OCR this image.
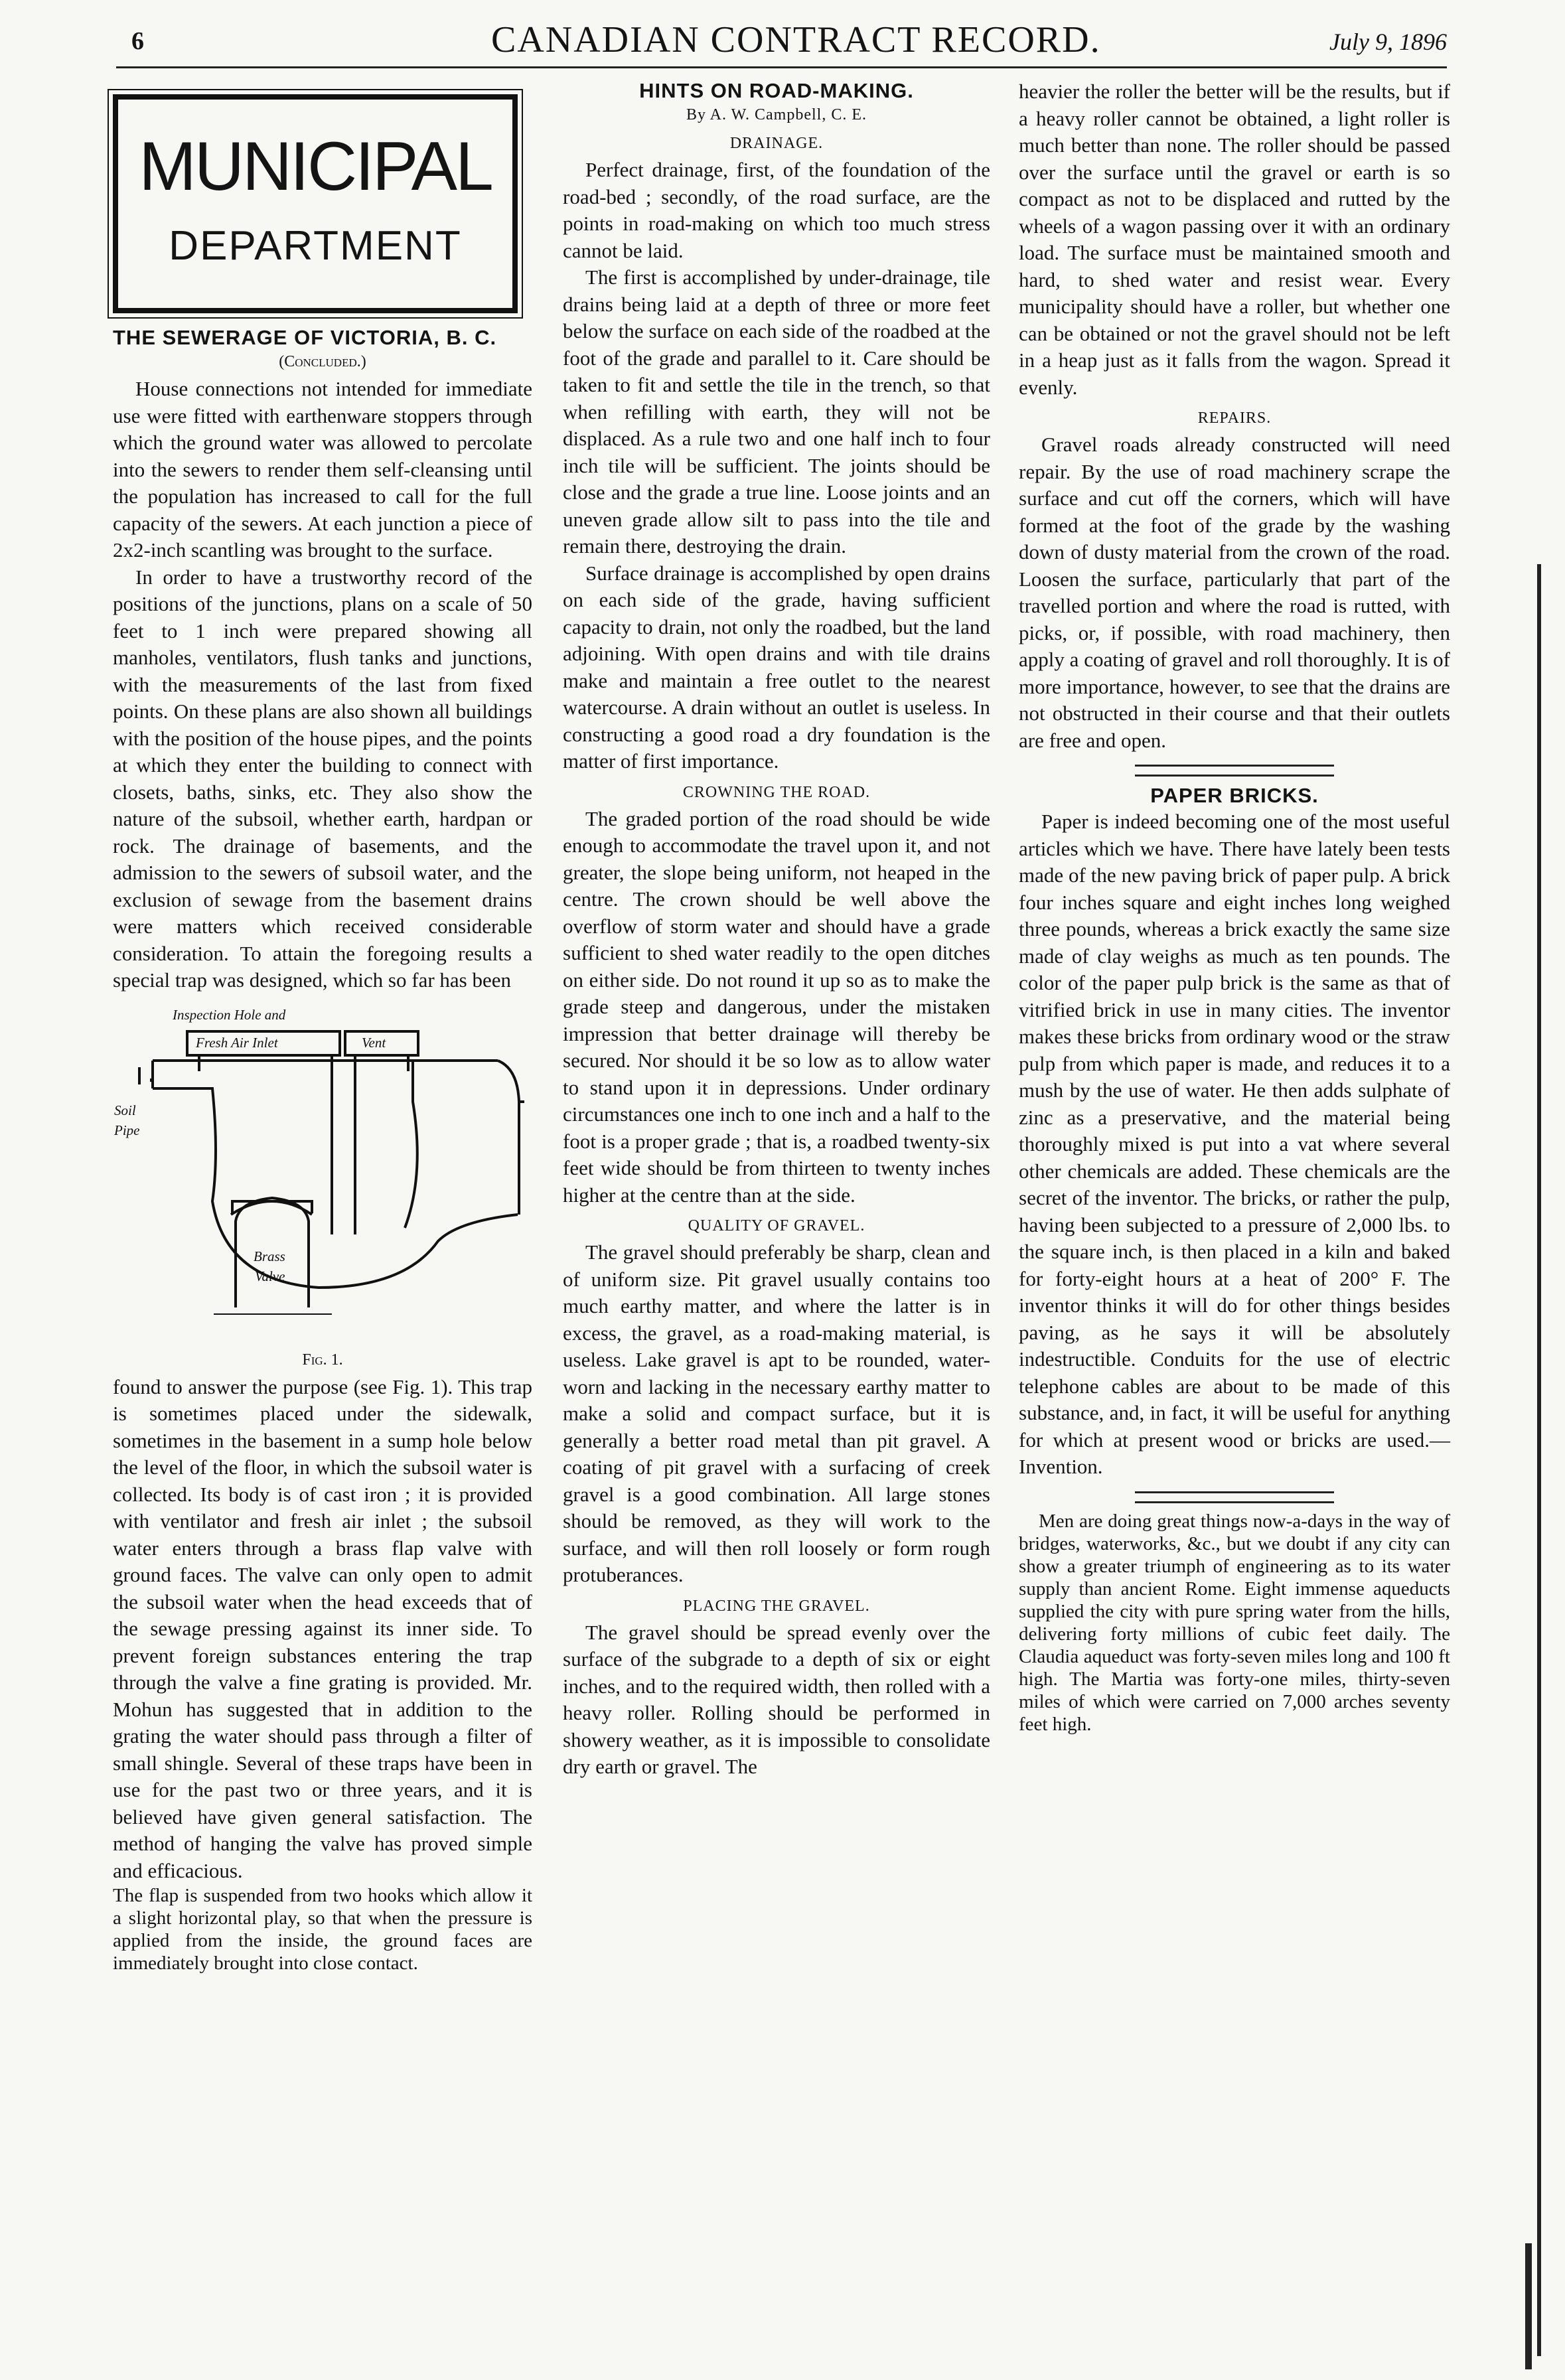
6	CANADIAN CONTRACT RECORD.	July 9, 1896
MUNICIPAL
DEPARTMENT
THE SEWERAGE OF VICTORIA, B. C.
(Concluded.)

House connections not intended for immediate use were fitted with earthenware stoppers through which the ground water was allowed to percolate into the sewers to render them self-cleansing until the population has increased to call for the full capacity of the sewers. At each junction a piece of 2x2-inch scantling was brought to the surface.

In order to have a trustworthy record of the positions of the junctions, plans on a scale of 50 feet to 1 inch were prepared showing all manholes, ventilators, flush tanks and junctions, with the measurements of the last from fixed points. On these plans are also shown all buildings with the position of the house pipes, and the points at which they enter the building to connect with closets, baths, sinks, etc. They also show the nature of the subsoil, whether earth, hardpan or rock. The drainage of basements, and the admission to the sewers of subsoil water, and the exclusion of sewage from the basement drains were matters which received considerable consideration. To attain the foregoing results a special trap was designed, which so far has been

Inspection Hole and
Fresh Air Inlet	Vent
Soil
Pipe
Brass
Valve
Fig. 1.

found to answer the purpose (see Fig. 1). This trap is sometimes placed under the sidewalk, sometimes in the basement in a sump hole below the level of the floor, in which the subsoil water is collected. Its body is of cast iron ; it is provided with ventilator and fresh air inlet ; the subsoil water enters through a brass flap valve with ground faces. The valve can only open to admit the subsoil water when the head exceeds that of the sewage pressing against its inner side. To prevent foreign substances entering the trap through the valve a fine grating is provided. Mr. Mohun has suggested that in addition to the grating the water should pass through a filter of small shingle. Several of these traps have been in use for the past two or three years, and it is believed have given general satisfaction. The method of hanging the valve has proved simple and efficacious.

The flap is suspended from two hooks which allow it a slight horizontal play, so that when the pressure is applied from the inside, the ground faces are immediately brought into close contact.

HINTS ON ROAD-MAKING.
By A. W. Campbell, C. E.
DRAINAGE.

Perfect drainage, first, of the foundation of the road-bed ; secondly, of the road surface, are the points in road-making on which too much stress cannot be laid.

The first is accomplished by under-drainage, tile drains being laid at a depth of three or more feet below the surface on each side of the roadbed at the foot of the grade and parallel to it. Care should be taken to fit and settle the tile in the trench, so that when refilling with earth, they will not be displaced. As a rule two and one half inch to four inch tile will be sufficient. The joints should be close and the grade a true line. Loose joints and an uneven grade allow silt to pass into the tile and remain there, destroying the drain.

Surface drainage is accomplished by open drains on each side of the grade, having sufficient capacity to drain, not only the roadbed, but the land adjoining. With open drains and with tile drains make and maintain a free outlet to the nearest watercourse. A drain without an outlet is useless. In constructing a good road a dry foundation is the matter of first importance.

CROWNING THE ROAD.

The graded portion of the road should be wide enough to accommodate the travel upon it, and not greater, the slope being uniform, not heaped in the centre. The crown should be well above the overflow of storm water and should have a grade sufficient to shed water readily to the open ditches on either side. Do not round it up so as to make the grade steep and dangerous, under the mistaken impression that better drainage will thereby be secured. Nor should it be so low as to allow water to stand upon it in depressions. Under ordinary circumstances one inch to one inch and a half to the foot is a proper grade ; that is, a roadbed twenty-six feet wide should be from thirteen to twenty inches higher at the centre than at the side.

QUALITY OF GRAVEL.

The gravel should preferably be sharp, clean and of uniform size. Pit gravel usually contains too much earthy matter, and where the latter is in excess, the gravel, as a road-making material, is useless. Lake gravel is apt to be rounded, water-worn and lacking in the necessary earthy matter to make a solid and compact surface, but it is generally a better road metal than pit gravel. A coating of pit gravel with a surfacing of creek gravel is a good combination. All large stones should be removed, as they will work to the surface, and will then roll loosely or form rough protuberances.

PLACING THE GRAVEL.

The gravel should be spread evenly over the surface of the subgrade to a depth of six or eight inches, and to the required width, then rolled with a heavy roller. Rolling should be performed in showery weather, as it is impossible to consolidate dry earth or gravel. The

heavier the roller the better will be the results, but if a heavy roller cannot be obtained, a light roller is much better than none. The roller should be passed over the surface until the gravel or earth is so compact as not to be displaced and rutted by the wheels of a wagon passing over it with an ordinary load. The surface must be maintained smooth and hard, to shed water and resist wear. Every municipality should have a roller, but whether one can be obtained or not the gravel should not be left in a heap just as it falls from the wagon. Spread it evenly.

REPAIRS.

Gravel roads already constructed will need repair. By the use of road machinery scrape the surface and cut off the corners, which will have formed at the foot of the grade by the washing down of dusty material from the crown of the road. Loosen the surface, particularly that part of the travelled portion and where the road is rutted, with picks, or, if possible, with road machinery, then apply a coating of gravel and roll thoroughly. It is of more importance, however, to see that the drains are not obstructed in their course and that their outlets are free and open.

PAPER BRICKS.

Paper is indeed becoming one of the most useful articles which we have. There have lately been tests made of the new paving brick of paper pulp. A brick four inches square and eight inches long weighed three pounds, whereas a brick exactly the same size made of clay weighs as much as ten pounds. The color of the paper pulp brick is the same as that of vitrified brick in use in many cities. The inventor makes these bricks from ordinary wood or the straw pulp from which paper is made, and reduces it to a mush by the use of water. He then adds sulphate of zinc as a preservative, and the material being thoroughly mixed is put into a vat where several other chemicals are added. These chemicals are the secret of the inventor. The bricks, or rather the pulp, having been subjected to a pressure of 2,000 lbs. to the square inch, is then placed in a kiln and baked for forty-eight hours at a heat of 200° F. The inventor thinks it will do for other things besides paving, as he says it will be absolutely indestructible. Conduits for the use of electric telephone cables are about to be made of this substance, and, in fact, it will be useful for anything for which at present wood or bricks are used.—Invention.

Men are doing great things now-a-days in the way of bridges, waterworks, &c., but we doubt if any city can show a greater triumph of engineering as to its water supply than ancient Rome. Eight immense aqueducts supplied the city with pure spring water from the hills, delivering forty millions of cubic feet daily. The Claudia aqueduct was forty-seven miles long and 100 ft high. The Martia was forty-one miles, thirty-seven miles of which were carried on 7,000 arches seventy feet high.
